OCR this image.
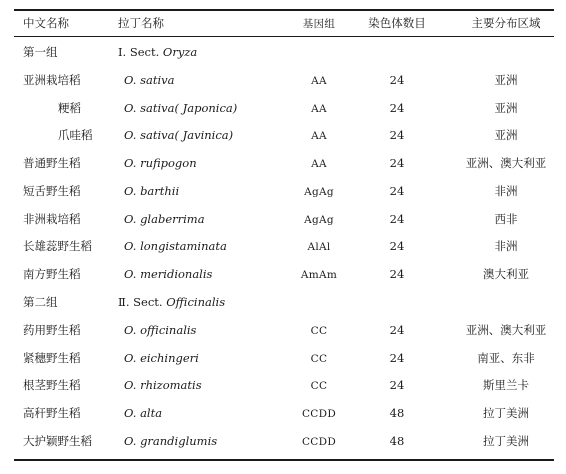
中文名称	拉丁名称	基因组	染色体数目	主要分布区域
第一组	Ⅰ. Sect. Oryza
亚洲栽培稻	O. sativa	AA	24	亚洲
粳稻	O. sativa( Japonica)	AA	24	亚洲
爪哇稻	O. sativa( Javinica)	AA	24	亚洲
普通野生稻	O. rufipogon	AA	24	亚洲、澳大利亚
短舌野生稻	O. barthii	AgAg	24	非洲
非洲栽培稻	O. glaberrima	AgAg	24	西非
长雄蕊野生稻	O. longistaminata	AlAl	24	非洲
南方野生稻	O. meridionalis	AmAm	24	澳大利亚
第二组	Ⅱ. Sect. Officinalis
药用野生稻	O. officinalis	CC	24	亚洲、澳大利亚
紧穗野生稻	O. eichingeri	CC	24	南亚、东非
根茎野生稻	O. rhizomatis	CC	24	斯里兰卡
高秆野生稻	O. alta	CCDD	48	拉丁美洲
大护颖野生稻	O. grandiglumis	CCDD	48	拉丁美洲
